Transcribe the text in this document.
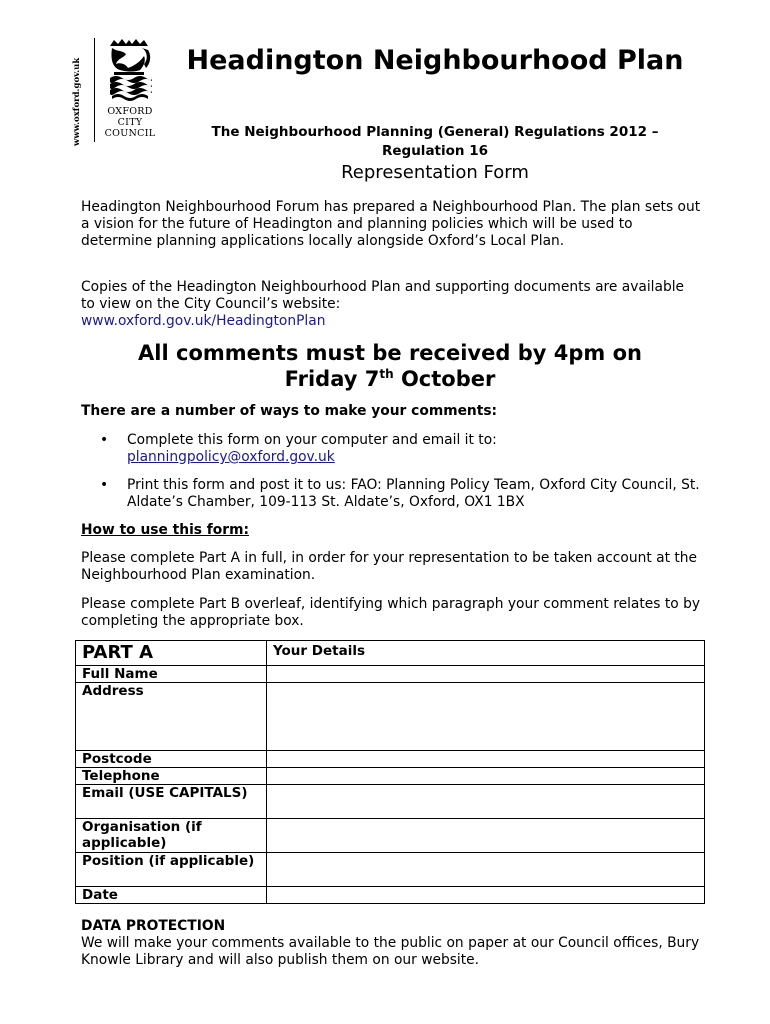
www.oxford.gov.uk	OXFORD
CITY
COUNCIL
Headington Neighbourhood Plan
The Neighbourhood Planning (General) Regulations 2012 – Regulation 16
Representation Form
Headington Neighbourhood Forum has prepared a Neighbourhood Plan. The plan sets out a vision for the future of Headington and planning policies which will be used to determine planning applications locally alongside Oxford’s Local Plan.
Copies of the Headington Neighbourhood Plan and supporting documents are available to view on the City Council’s website:
www.oxford.gov.uk/HeadingtonPlan
All comments must be received by 4pm on
Friday 7th October
There are a number of ways to make your comments:
• Complete this form on your computer and email it to:
planningpolicy@oxford.gov.uk
• Print this form and post it to us: FAO: Planning Policy Team, Oxford City Council, St. Aldate’s Chamber, 109-113 St. Aldate’s, Oxford, OX1 1BX
How to use this form:
Please complete Part A in full, in order for your representation to be taken account at the Neighbourhood Plan examination.
Please complete Part B overleaf, identifying which paragraph your comment relates to by completing the appropriate box.
PART A	Your Details
Full Name	
Address	
Postcode	
Telephone	
Email (USE CAPITALS)	
Organisation (if applicable)	
Position (if applicable)	
Date	
DATA PROTECTION
We will make your comments available to the public on paper at our Council offices, Bury Knowle Library and will also publish them on our website.
